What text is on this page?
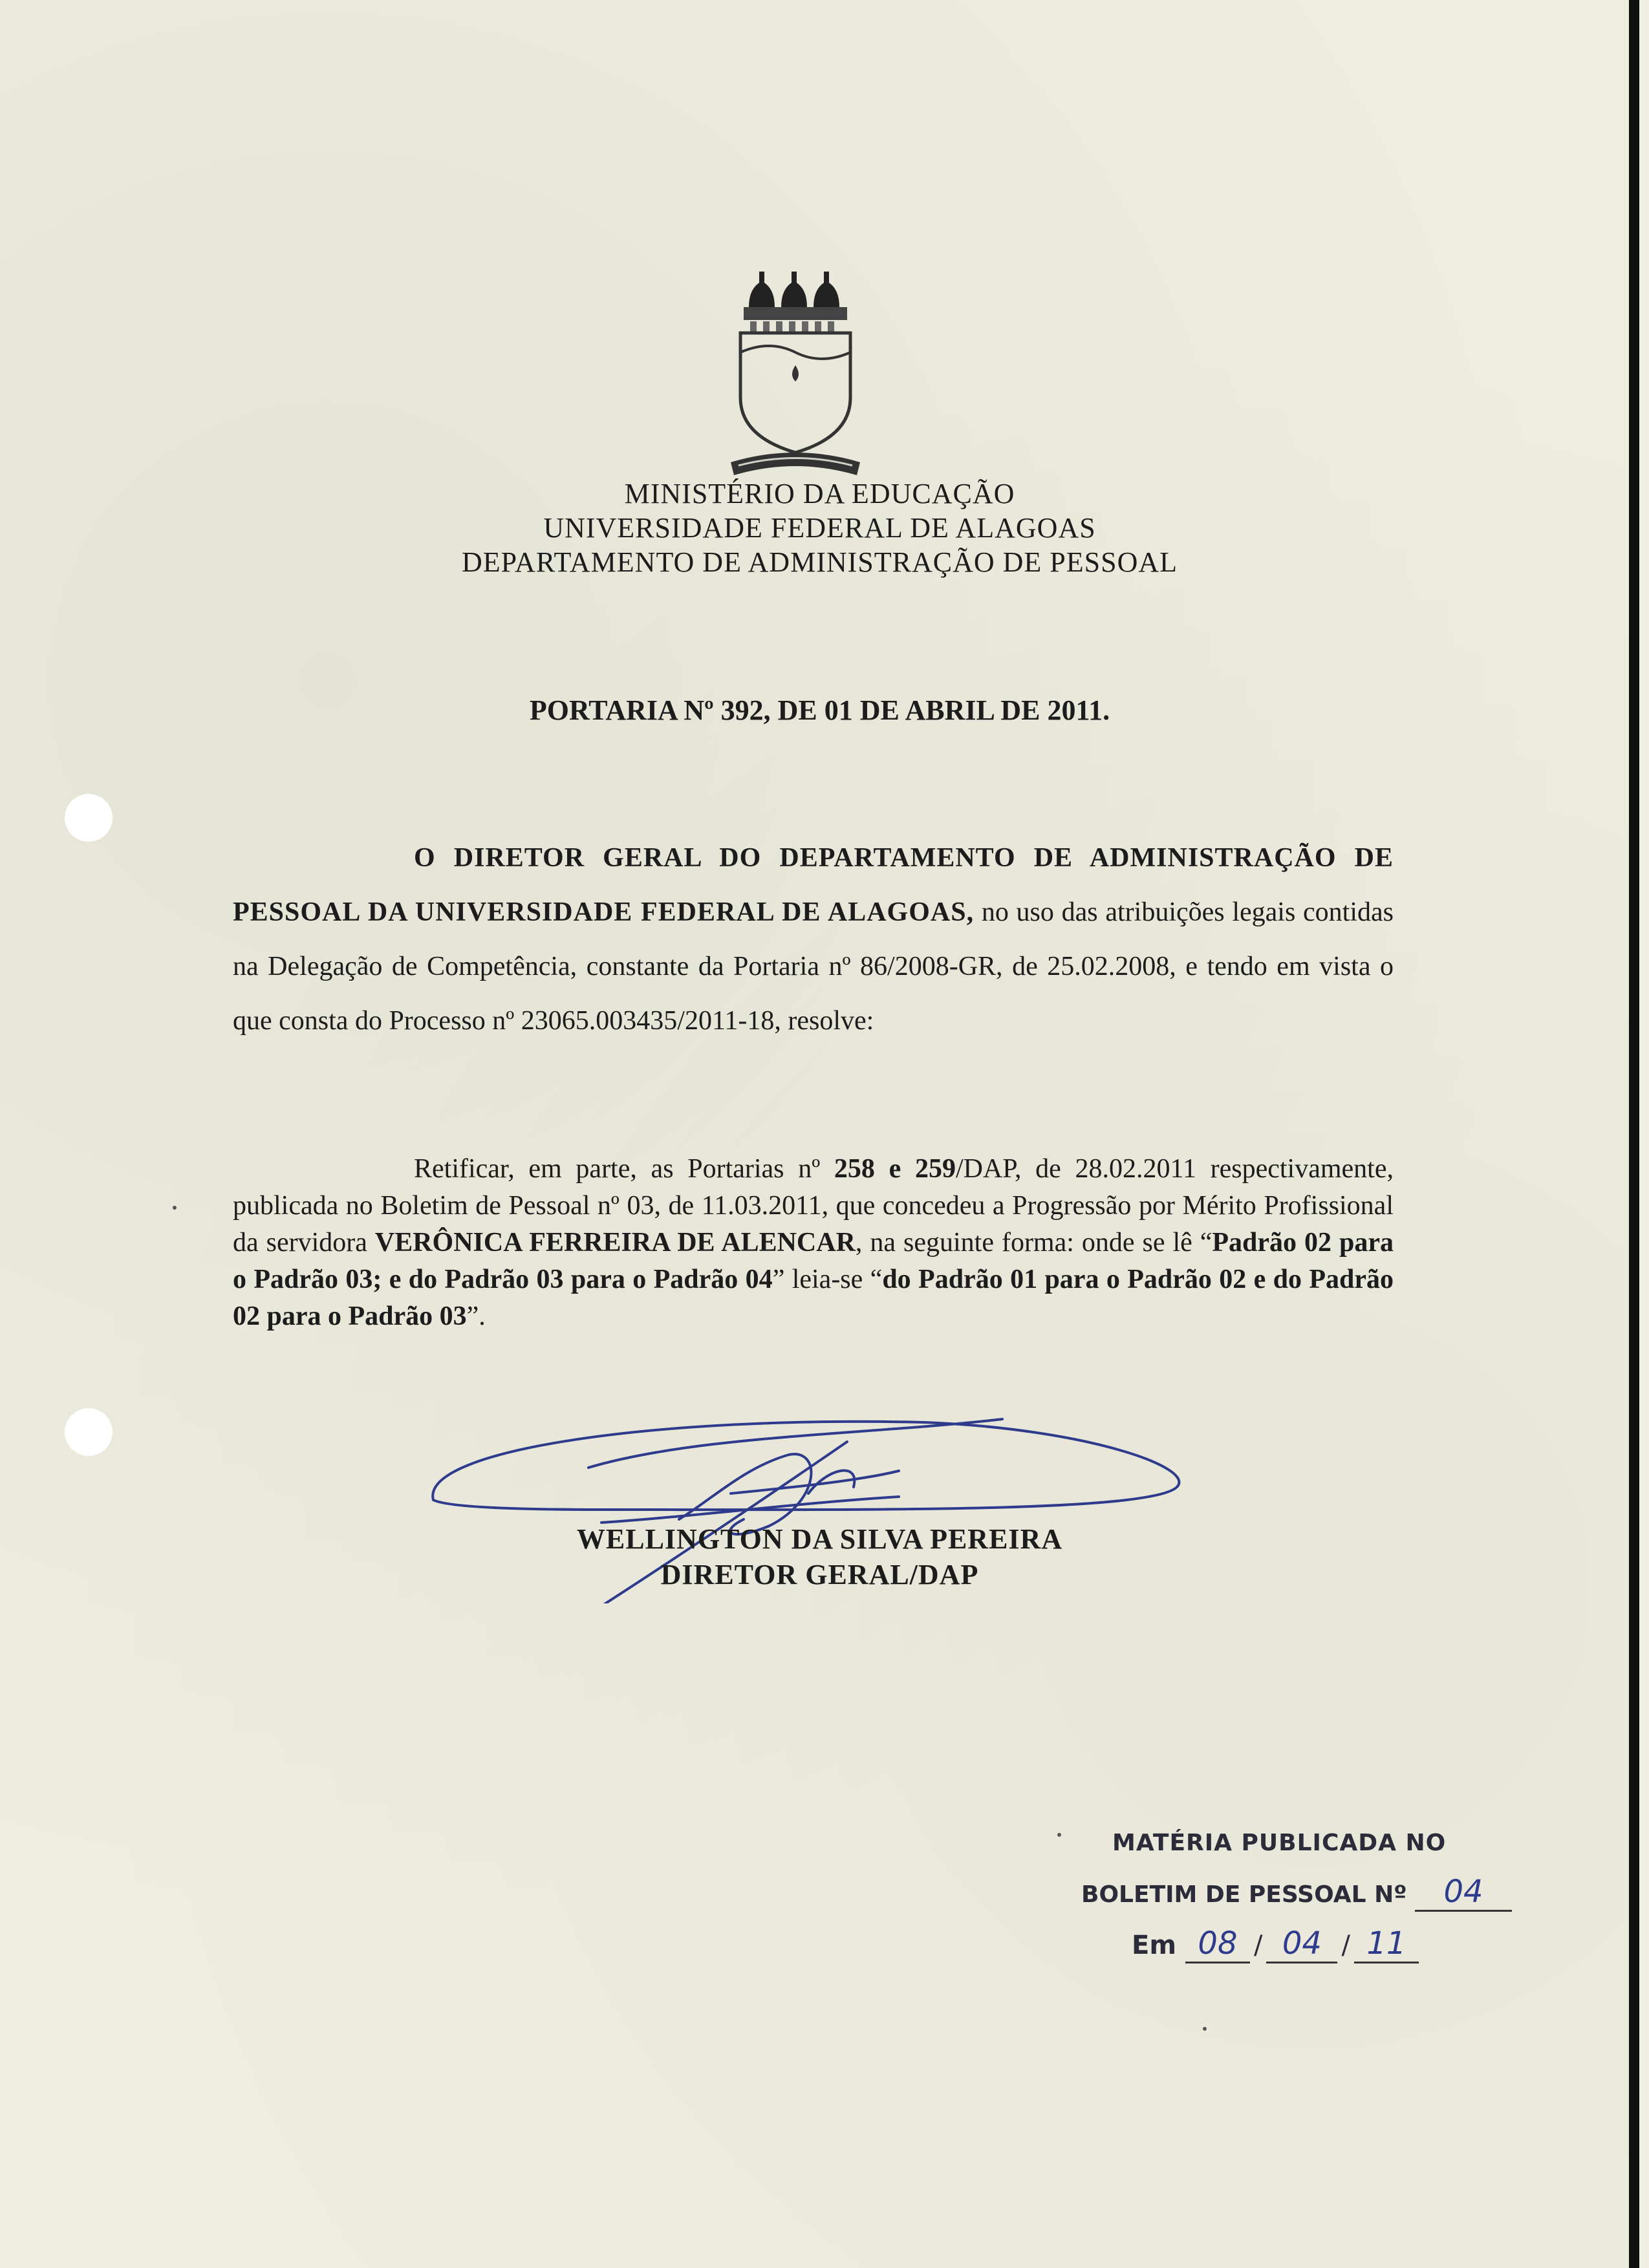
MINISTÉRIO DA EDUCAÇÃO
UNIVERSIDADE FEDERAL DE ALAGOAS
DEPARTAMENTO DE ADMINISTRAÇÃO DE PESSOAL
PORTARIA Nº 392, DE 01 DE ABRIL DE 2011.
O DIRETOR GERAL DO DEPARTAMENTO DE ADMINISTRAÇÃO DE PESSOAL DA UNIVERSIDADE FEDERAL DE ALAGOAS, no uso das atribuições legais contidas na Delegação de Competência, constante da Portaria nº 86/2008-GR, de 25.02.2008, e tendo em vista o que consta do Processo nº 23065.003435/2011-18, resolve:
Retificar, em parte, as Portarias nº 258 e 259/DAP, de 28.02.2011 respectivamente, publicada no Boletim de Pessoal nº 03, de 11.03.2011, que concedeu a Progressão por Mérito Profissional da servidora VERÔNICA FERREIRA DE ALENCAR, na seguinte forma: onde se lê “Padrão 02 para o Padrão 03; e do Padrão 03 para o Padrão 04” leia-se “do Padrão 01 para o Padrão 02 e do Padrão 02 para o Padrão 03”.
WELLINGTON DA SILVA PEREIRA
DIRETOR GERAL/DAP
MATÉRIA PUBLICADA NO
BOLETIM DE PESSOAL Nº 04
Em 08 / 04 / 11
